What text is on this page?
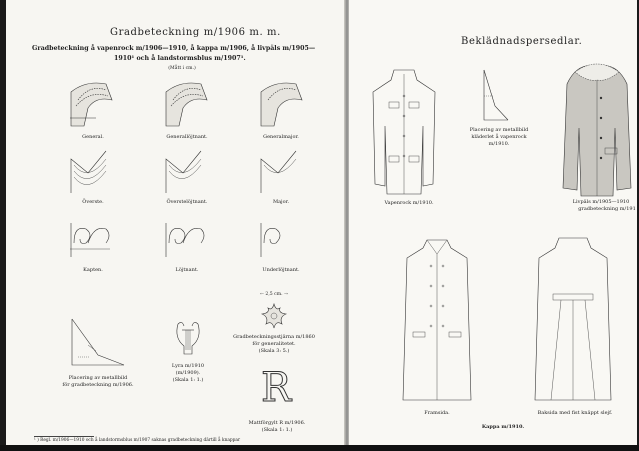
Gradbeteckning m/1906 m. m.
Gradbeteckning å vapenrock m/1906—1910, å kappa m/1906, å livpäls m/1905—
1910¹ och å landstormsblus m/1907¹.
(Mått i cm.)
General.	Generallöjtnant.	Generalmajor.
Överste.	Överstelöjtnant.	Major.
Kapten.	Löjtnant.	Underlöjtnant.
Placering av metallbild
för gradbeteckning m/1906.
Lyra m/1910
(m/1909).
(Skala 1: 1.)
← 2,5 cm. →
Gradbeteckningsstjärna m/1860
för generalitetet.
(Skala 3: 5.)
R
Mattförgylt R m/1906.
(Skala 1: 1.)
¹ ) Regl. m/1906—1910 och å landstormsblus m/1907 saknas gradbeteckning därtill å knappar
Beklädnadspersedlar.
Vapenrock m/1910.
Placering av metallbild
kläderlet å vapenrock
m/1910.
Livpäls m/1905—1910
gradbeteckning m/191
Framsida.	Baksida med fist knäppt slejf.
Kappa m/1910.
